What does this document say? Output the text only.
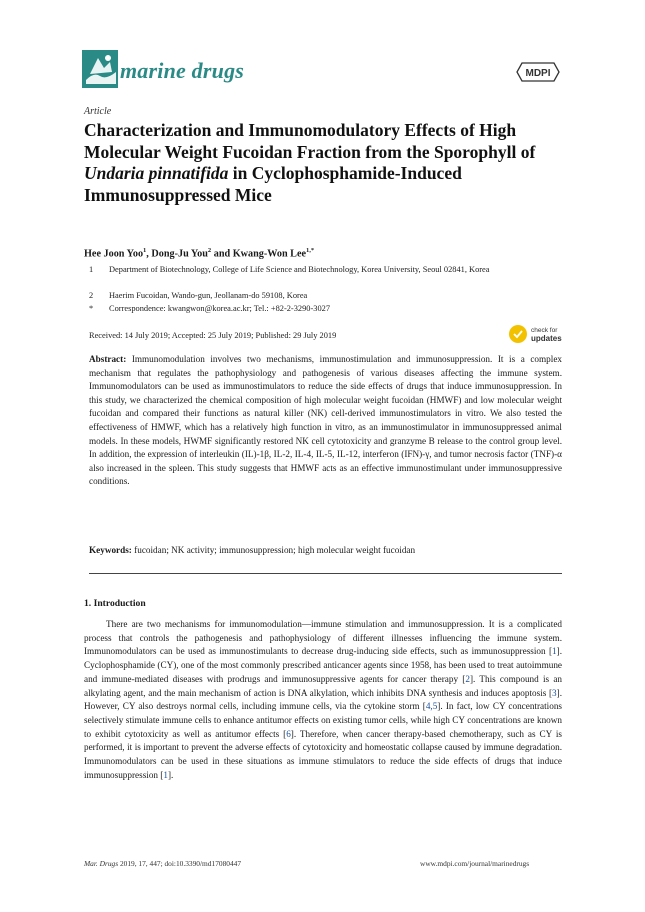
marine drugs	MDPI
Article
Characterization and Immunomodulatory Effects of High Molecular Weight Fucoidan Fraction from the Sporophyll of Undaria pinnatifida in Cyclophosphamide-Induced Immunosuppressed Mice
Hee Joon Yoo$^1$, Dong-Ju You$^2$ and Kwang-Won Lee$^{1,*}$
1 Department of Biotechnology, College of Life Science and Biotechnology, Korea University, Seoul 02841, Korea
2 Haerim Fucoidan, Wando-gun, Jeollanam-do 59108, Korea
* Correspondence: kwangwon@korea.ac.kr; Tel.: +82-2-3290-3027
Received: 14 July 2019; Accepted: 25 July 2019; Published: 29 July 2019
check for
updates
Abstract: Immunomodulation involves two mechanisms, immunostimulation and immunosuppression. It is a complex mechanism that regulates the pathophysiology and pathogenesis of various diseases affecting the immune system. Immunomodulators can be used as immunostimulators to reduce the side effects of drugs that induce immunosuppression. In this study, we characterized the chemical composition of high molecular weight fucoidan (HMWF) and low molecular weight fucoidan and compared their functions as natural killer (NK) cell-derived immunostimulators in vitro. We also tested the effectiveness of HMWF, which has a relatively high function in vitro, as an immunostimulator in immunosuppressed animal models. In these models, HWMF significantly restored NK cell cytotoxicity and granzyme B release to the control group level. In addition, the expression of interleukin (IL)-1β, IL-2, IL-4, IL-5, IL-12, interferon (IFN)-γ, and tumor necrosis factor (TNF)-α also increased in the spleen. This study suggests that HMWF acts as an effective immunostimulant under immunosuppressive conditions.
Keywords: fucoidan; NK activity; immunosuppression; high molecular weight fucoidan
1. Introduction
There are two mechanisms for immunomodulation—immune stimulation and immunosuppression. It is a complicated process that controls the pathogenesis and pathophysiology of different illnesses influencing the immune system. Immunomodulators can be used as immunostimulants to decrease drug-inducing side effects, such as immunosuppression [1]. Cyclophosphamide (CY), one of the most commonly prescribed anticancer agents since 1958, has been used to treat autoimmune and immune-mediated diseases with prodrugs and immunosuppressive agents for cancer therapy [2]. This compound is an alkylating agent, and the main mechanism of action is DNA alkylation, which inhibits DNA synthesis and induces apoptosis [3]. However, CY also destroys normal cells, including immune cells, via the cytokine storm [4,5]. In fact, low CY concentrations selectively stimulate immune cells to enhance antitumor effects on existing tumor cells, while high CY concentrations are known to exhibit cytotoxicity as well as antitumor effects [6]. Therefore, when cancer therapy-based chemotherapy, such as CY is performed, it is important to prevent the adverse effects of cytotoxicity and homeostatic collapse caused by immune degradation. Immunomodulators can be used in these situations as immune stimulators to reduce the side effects of drugs that induce immunosuppression [1].
Mar. Drugs 2019, 17, 447; doi:10.3390/md17080447	www.mdpi.com/journal/marinedrugs
